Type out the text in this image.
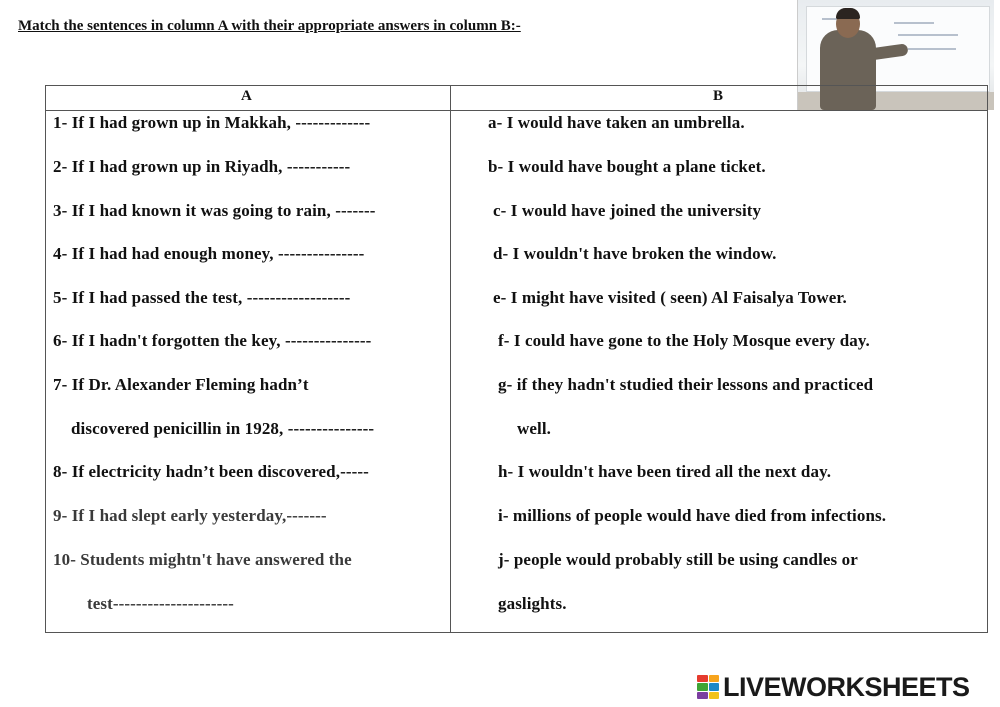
Match the sentences in column A with their appropriate answers in column B:-
A	B
1- If I had grown up in Makkah, -------------
2- If I had grown up in Riyadh, -----------
3- If I had known it was going to rain, -------
4- If I had had enough money, ---------------
5- If I had passed the test, ------------------
6- If I hadn't forgotten the key, ---------------
7- If Dr. Alexander Fleming hadn’t
discovered penicillin in 1928, ---------------
8- If electricity hadn’t been discovered,-----
9- If I had slept early yesterday,-------
10- Students mightn't have answered the
test---------------------
a- I would have taken an umbrella.
b- I would have bought a plane ticket.
c- I would have joined the university
d- I wouldn't have broken the window.
e- I might have visited ( seen) Al Faisalya Tower.
f- I could have gone to the Holy Mosque every day.
g- if they hadn't studied their lessons and practiced
well.
h- I wouldn't have been tired all the next day.
i- millions of people would have died from infections.
j- people would probably still be using candles or
gaslights.
LIVEWORKSHEETS
